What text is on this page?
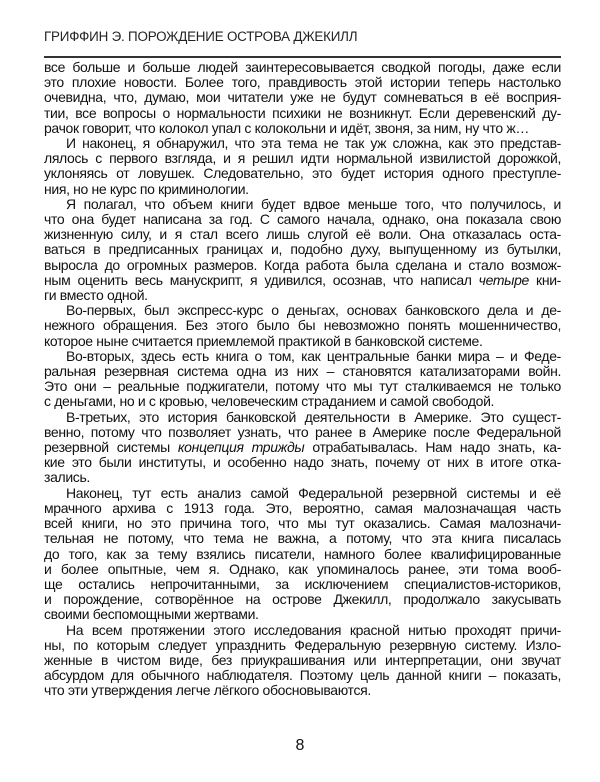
ГРИФФИН Э. ПОРОЖДЕНИЕ ОСТРОВА ДЖЕКИЛЛ
все больше и больше людей заинтересовывается сводкой погоды, даже если
это плохие новости. Более того, правдивость этой истории теперь настолько
очевидна, что, думаю, мои читатели уже не будут сомневаться в её восприя-
тии, все вопросы о нормальности психики не возникнут. Если деревенский ду-
рачок говорит, что колокол упал с колокольни и идёт, звоня, за ним, ну что ж…
И наконец, я обнаружил, что эта тема не так уж сложна, как это представ-
лялось с первого взгляда, и я решил идти нормальной извилистой дорожкой,
уклоняясь от ловушек. Следовательно, это будет история одного преступле-
ния, но не курс по криминологии.
Я полагал, что объем книги будет вдвое меньше того, что получилось, и
что она будет написана за год. С самого начала, однако, она показала свою
жизненную силу, и я стал всего лишь слугой её воли. Она отказалась оста-
ваться в предписанных границах и, подобно духу, выпущенному из бутылки,
выросла до огромных размеров. Когда работа была сделана и стало возмож-
ным оценить весь манускрипт, я удивился, осознав, что написал четыре кни-
ги вместо одной.
Во-первых, был экспресс-курс о деньгах, основах банковского дела и де-
нежного обращения. Без этого было бы невозможно понять мошенничество,
которое ныне считается приемлемой практикой в банковской системе.
Во-вторых, здесь есть книга о том, как центральные банки мира – и Феде-
ральная резервная система одна из них – становятся катализаторами войн.
Это они – реальные поджигатели, потому что мы тут сталкиваемся не только
с деньгами, но и с кровью, человеческим страданием и самой свободой.
В-третьих, это история банковской деятельности в Америке. Это сущест-
венно, потому что позволяет узнать, что ранее в Америке после Федеральной
резервной системы концепция трижды отрабатывалась. Нам надо знать, ка-
кие это были институты, и особенно надо знать, почему от них в итоге отка-
зались.
Наконец, тут есть анализ самой Федеральной резервной системы и её
мрачного архива с 1913 года. Это, вероятно, самая малозначащая часть
всей книги, но это причина того, что мы тут оказались. Самая малозначи-
тельная не потому, что тема не важна, а потому, что эта книга писалась
до того, как за тему взялись писатели, намного более квалифицированные
и более опытные, чем я. Однако, как упоминалось ранее, эти тома вооб-
ще остались непрочитанными, за исключением специалистов-историков,
и порождение, сотворённое на острове Джекилл, продолжало закусывать
своими беспомощными жертвами.
На всем протяжении этого исследования красной нитью проходят причи-
ны, по которым следует упразднить Федеральную резервную систему. Изло-
женные в чистом виде, без приукрашивания или интерпретации, они звучат
абсурдом для обычного наблюдателя. Поэтому цель данной книги – показать,
что эти утверждения легче лёгкого обосновываются.
8
